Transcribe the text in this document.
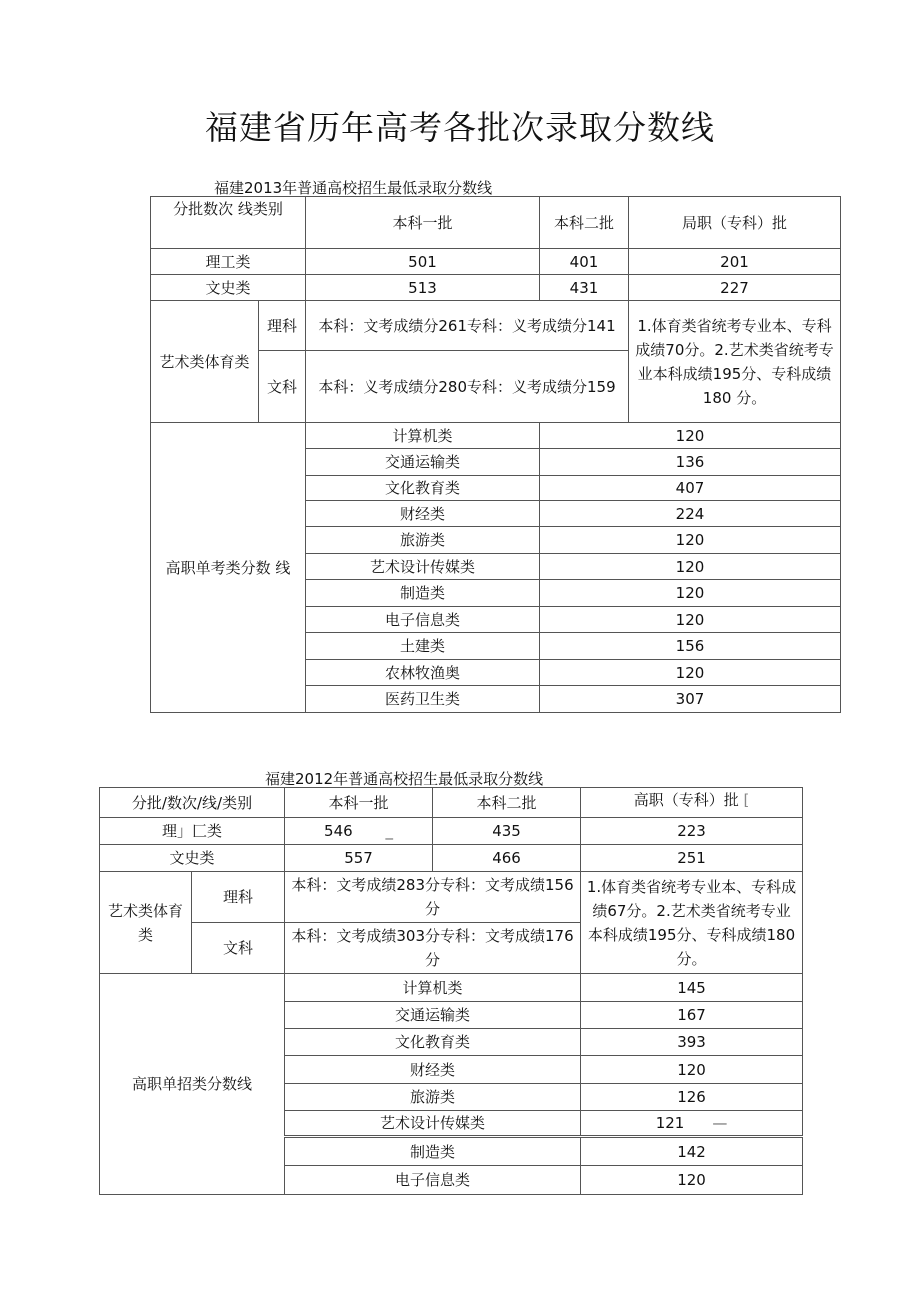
福建省历年高考各批次录取分数线
福建2013年普通高校招生最低录取分数线
分批数次 线类别		本科一批	本科二批	局职（专科）批
理工类		501	401	201
文史类		513	431	227
艺术类体育类	理科	本科：文考成绩分261专科：义考成绩分141		1.体育类省统考专业本、专科成绩70分。2.艺术类省统考专业本科成绩195分、专科成绩180 分。
	文科	本科：义考成绩分280专科：义考成绩分159		
高职单考类分数 线		计算机类	120	
		交通运输类	136	
		文化教育类	407	
		财经类	224	
		旅游类	120	
		艺术设计传媒类	120	
		制造类	120	
		电子信息类	120	
		土建类	156	
		农林牧渔奥	120	
		医药卫生类	307	
福建2012年普通高校招生最低录取分数线
分批/数次/线/类别		本科一批	本科二批	高职（专科）批 [
理」匚类		546 _	435	223
文史类		557	466	251
艺术类体育类	理科	本科：文考成绩283分专科：文考成绩156分		1.体育类省统考专业本、专科成绩67分。2.艺术类省统考专业本科成绩195分、专科成绩180分。
	文科	本科：文考成绩303分专科：文考成绩176分		
高职单招类分数线		计算机类		145
		交通运输类		167
		文化教育类		393
		财经类		120
		旅游类		126
		艺术设计传媒类		121 —
		制造类		142
		电子信息类		120
